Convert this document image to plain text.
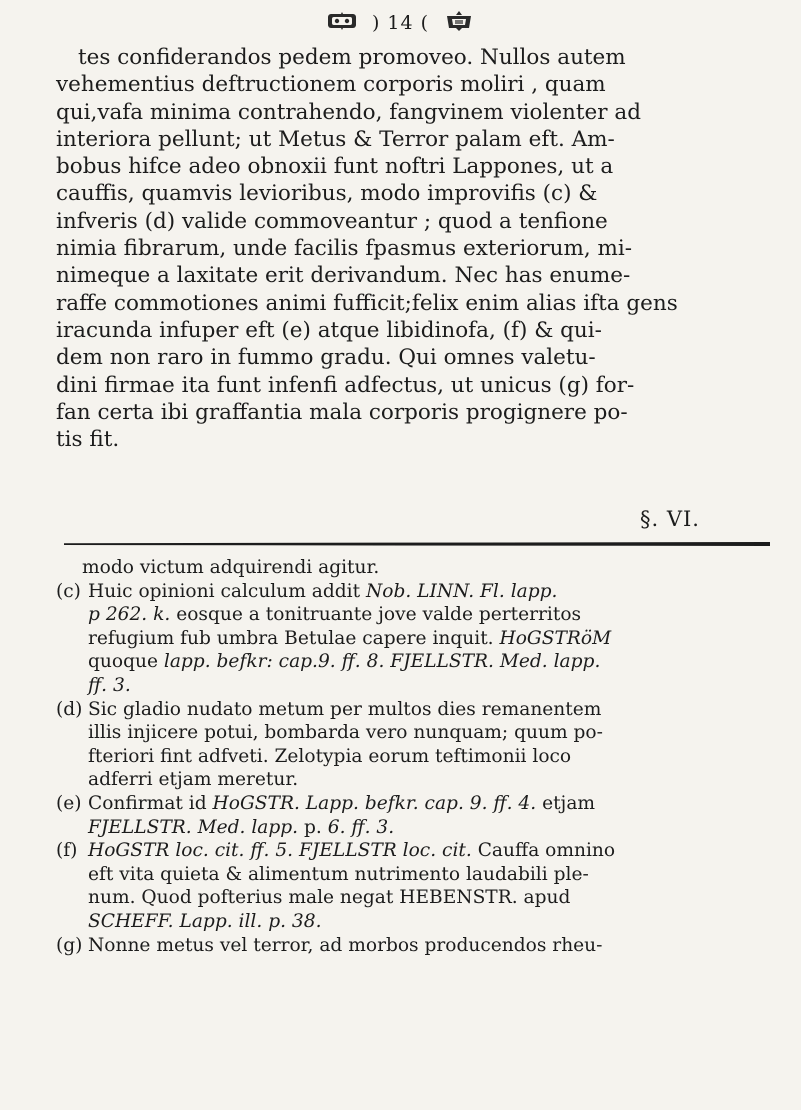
) 14 (
tes confiderandos pedem promoveo. Nullos autem
vehementius deftructionem corporis moliri , quam
qui,vafa minima contrahendo, fangvinem violenter ad
interiora pellunt; ut Metus & Terror palam eft. Am-
bobus hifce adeo obnoxii funt noftri Lappones, ut a
cauffis, quamvis levioribus, modo improvifis (c) &
infveris (d) valide commoveantur ; quod a tenfione
nimia fibrarum, unde facilis fpasmus exteriorum, mi-
nimeque a laxitate erit derivandum. Nec has enume-
raffe commotiones animi fufficit;felix enim alias ifta gens
iracunda infuper eft (e) atque libidinofa, (f) & qui-
dem non raro in fummo gradu. Qui omnes valetu-
dini firmae ita funt infenfi adfectus, ut unicus (g) for-
fan certa ibi graffantia mala corporis progignere po-
tis fit.
§. VI.
modo victum adquirendi agitur.
(c) Huic opinioni calculum addit Nob. LINN. Fl. lapp.
p 262. k. eosque a tonitruante jove valde perterritos
refugium fub umbra Betulae capere inquit. HoGSTRöM
quoque lapp. befkr: cap.9. ff. 8. FJELLSTR. Med. lapp.
ff. 3.
(d) Sic gladio nudato metum per multos dies remanentem
illis injicere potui, bombarda vero nunquam; quum po-
fteriori fint adfveti. Zelotypia eorum teftimonii loco
adferri etjam meretur.
(e) Confirmat id HoGSTR. Lapp. befkr. cap. 9. ff. 4. etjam
FJELLSTR. Med. lapp. p. 6. ff. 3.
(f) HoGSTR loc. cit. ff. 5. FJELLSTR loc. cit. Cauffa omnino
eft vita quieta & alimentum nutrimento laudabili ple-
num. Quod pofterius male negat HEBENSTR. apud
SCHEFF. Lapp. ill. p. 38.
(g) Nonne metus vel terror, ad morbos producendos rheu-
